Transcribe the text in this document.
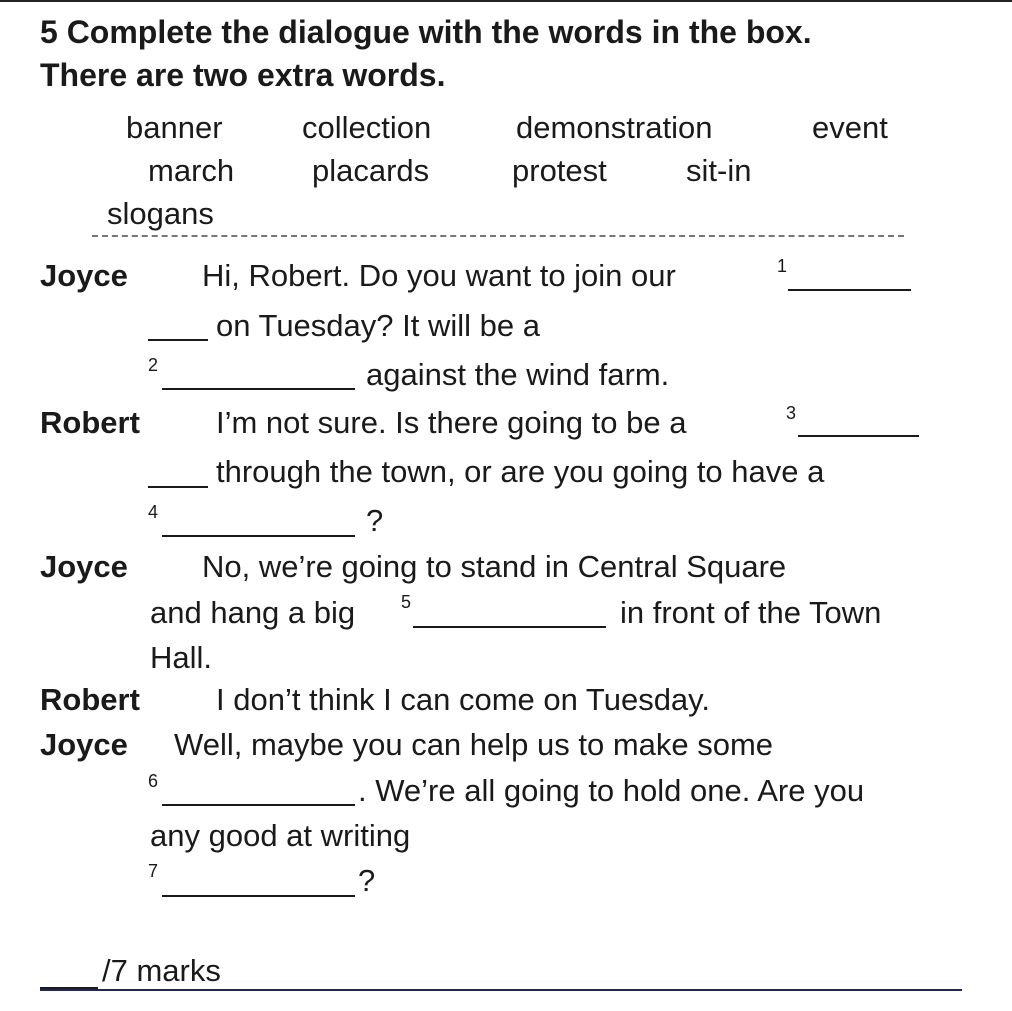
5 Complete the dialogue with the words in the box.
There are two extra words.
banner	collection	demonstration	event
march	placards	protest	sit-in
slogans
Joyce Hi, Robert. Do you want to join our	1
on Tuesday? It will be a
2	against the wind farm.
Robert I’m not sure. Is there going to be a	3
through the town, or are you going to have a
4	?
Joyce No, we’re going to stand in Central Square
and hang a big	5	in front of the Town
Hall.
Robert I don’t think I can come on Tuesday.
Joyce Well, maybe you can help us to make some
6	. We’re all going to hold one. Are you
any good at writing
7	?
/7 marks
